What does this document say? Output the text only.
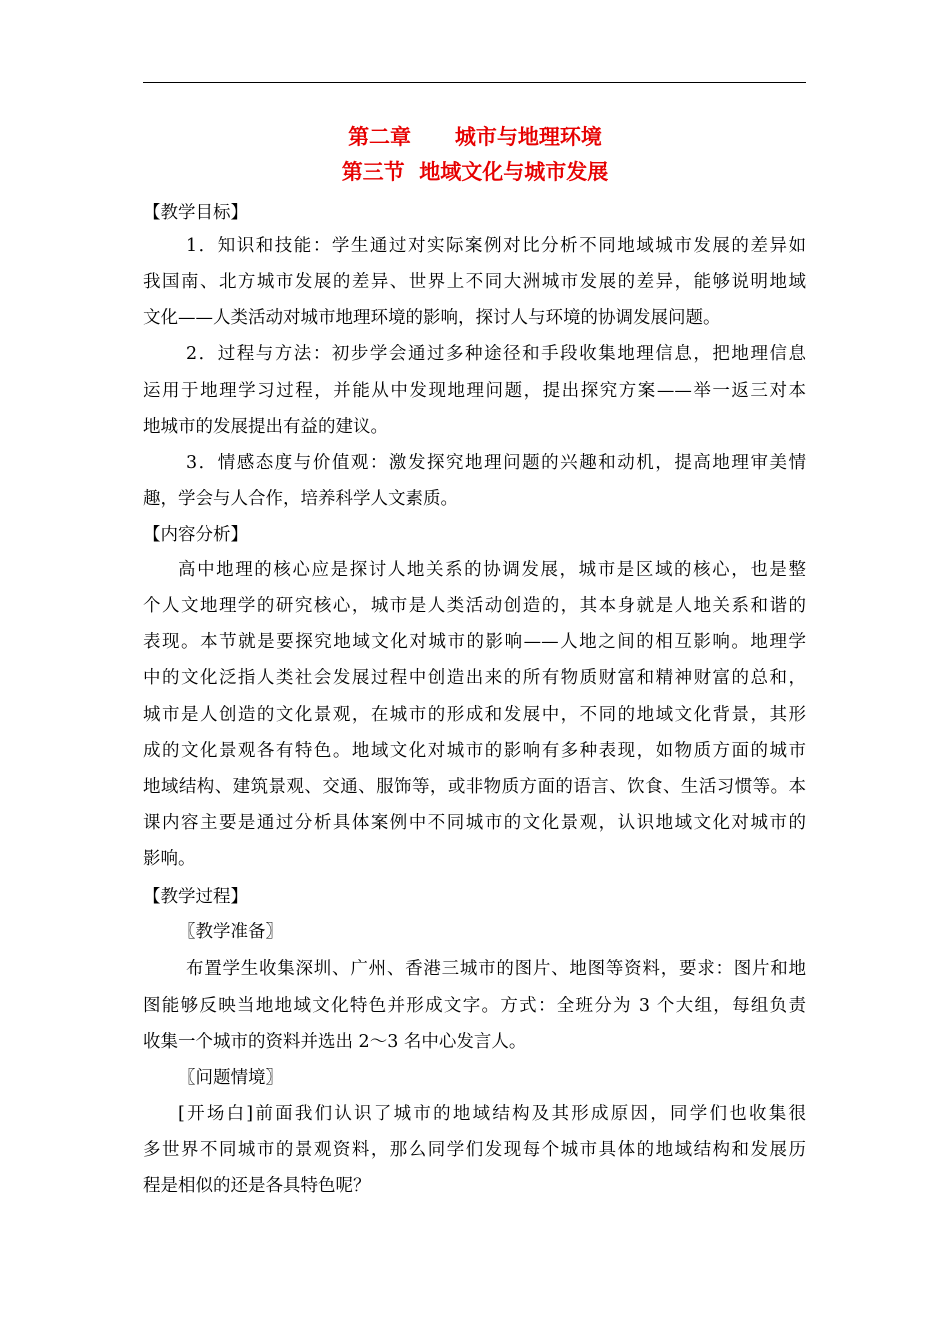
第二章      城市与地理环境
第三节  地域文化与城市发展
【教学目标】
1．知识和技能：学生通过对实际案例对比分析不同地域城市发展的差异如
我国南、北方城市发展的差异、世界上不同大洲城市发展的差异，能够说明地域
文化——人类活动对城市地理环境的影响，探讨人与环境的协调发展问题。
2．过程与方法：初步学会通过多种途径和手段收集地理信息，把地理信息
运用于地理学习过程，并能从中发现地理问题，提出探究方案——举一返三对本
地城市的发展提出有益的建议。
3．情感态度与价值观：激发探究地理问题的兴趣和动机，提高地理审美情
趣，学会与人合作，培养科学人文素质。
【内容分析】
高中地理的核心应是探讨人地关系的协调发展，城市是区域的核心，也是整
个人文地理学的研究核心，城市是人类活动创造的，其本身就是人地关系和谐的
表现。本节就是要探究地域文化对城市的影响——人地之间的相互影响。地理学
中的文化泛指人类社会发展过程中创造出来的所有物质财富和精神财富的总和，
城市是人创造的文化景观，在城市的形成和发展中，不同的地域文化背景，其形
成的文化景观各有特色。地域文化对城市的影响有多种表现，如物质方面的城市
地域结构、建筑景观、交通、服饰等，或非物质方面的语言、饮食、生活习惯等。本
课内容主要是通过分析具体案例中不同城市的文化景观，认识地域文化对城市的
影响。
【教学过程】
〖教学准备〗
布置学生收集深圳、广州、香港三城市的图片、地图等资料，要求：图片和地
图能够反映当地地域文化特色并形成文字。方式：全班分为 3 个大组，每组负责
收集一个城市的资料并选出 2～3 名中心发言人。
〖问题情境〗
[开场白]前面我们认识了城市的地域结构及其形成原因，同学们也收集很
多世界不同城市的景观资料，那么同学们发现每个城市具体的地域结构和发展历
程是相似的还是各具特色呢？
